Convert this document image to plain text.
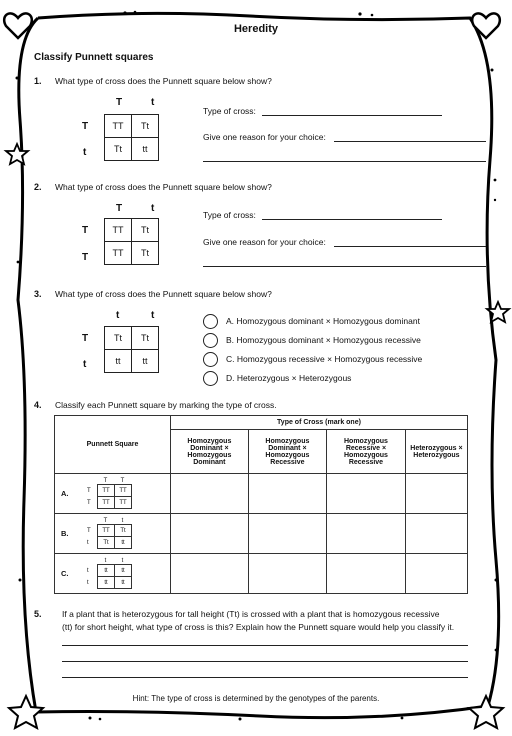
Heredity
Classify Punnett squares
1. What type of cross does the Punnett square below show?
T	t
T
t
TT	Tt
Tt	tt
Type of cross:
Give one reason for your choice:
2. What type of cross does the Punnett square below show?
T	t
T
T
TT	Tt
TT	Tt
Type of cross:
Give one reason for your choice:
3. What type of cross does the Punnett square below show?
t	t
T
t
Tt	Tt
tt	tt
A. Homozygous dominant × Homozygous dominant
B. Homozygous dominant × Homozygous recessive
C. Homozygous recessive × Homozygous recessive
D. Heterozygous × Heterozygous
4. Classify each Punnett square by marking the type of cross.
Punnett Square	Type of Cross (mark one)
Homozygous Dominant × Homozygous Dominant	Homozygous Dominant × Homozygous Recessive	Homozygous Recessive × Homozygous Recessive	Heterozygous × Heterozygous

A.
T	T
T
T
TT	TT
TT	TT

B.
T	t
T
t
TT	Tt
Tt	tt

C.
t	t
t
t
tt	tt
tt	tt

5. If a plant that is heterozygous for tall height (Tt) is crossed with a plant that is homozygous recessive
(tt) for short height, what type of cross is this? Explain how the Punnett square would help you classify it.
Hint: The type of cross is determined by the genotypes of the parents.
